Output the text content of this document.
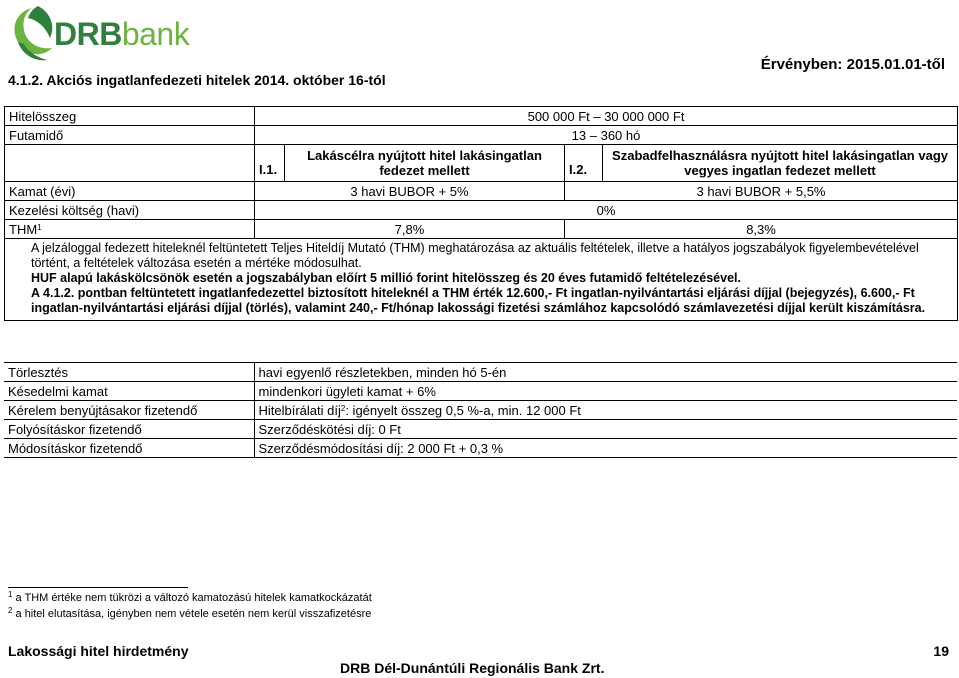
DRBbank
4.1.2. Akciós ingatlanfedezeti hitelek 2014. október 16-tól
Érvényben: 2015.01.01-től
Hitelösszeg	500 000 Ft – 30 000 000 Ft			
Futamidő	13 – 360 hó			
	I.1.	Lakáscélra nyújtott hitel lakásingatlan fedezet mellett	I.2.	Szabadfelhasználásra nyújtott hitel lakásingatlan vagy vegyes ingatlan fedezet mellett
Kamat (évi)	3 havi BUBOR + 5%		3 havi BUBOR + 5,5%	
Kezelési költség (havi)	0%			
THM$^1$	7,8%		8,3%	

A jelzáloggal fedezett hiteleknél feltüntetett Teljes Hiteldíj Mutató (THM) meghatározása az aktuális feltételek, illetve a hatályos jogszabályok figyelembevételével történt, a feltételek változása esetén a mértéke módosulhat.

HUF alapú lakáskölcsönök esetén a jogszabályban előírt 5 millió forint hitelösszeg és 20 éves futamidő feltételezésével.

A 4.1.2. pontban feltüntetett ingatlanfedezettel biztosított hiteleknél a THM érték 12.600,- Ft ingatlan-nyilvántartási eljárási díjjal (bejegyzés), 6.600,- Ft ingatlan-nyilvántartási eljárási díjjal (törlés), valamint 240,- Ft/hónap lakossági fizetési számlához kapcsolódó számlavezetési díjjal került kiszámításra.				

Törlesztés	havi egyenlő részletekben, minden hó 5-én
Késedelmi kamat	mindenkori ügyleti kamat + 6%
Kérelem benyújtásakor fizetendő	Hitelbírálati díj$^2$: igényelt összeg 0,5 %-a, min. 12 000 Ft
Folyósításkor fizetendő	Szerződéskötési díj: 0 Ft
Módosításkor fizetendő	Szerződésmódosítási díj: 2 000 Ft + 0,3 %
$^1$ a THM értéke nem tükrözi a változó kamatozású hitelek kamatkockázatát
$^2$ a hitel elutasítása, igényben nem vétele esetén nem kerül visszafizetésre
Lakossági hitel hirdetmény
DRB Dél-Dunántúli Regionális Bank Zrt.
19
